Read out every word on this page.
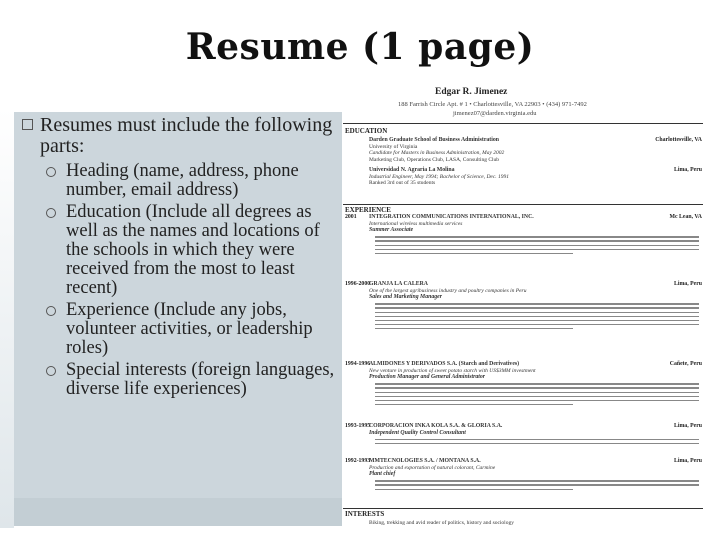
Resume (1 page)
Resumes must include the following parts:
Heading (name, address, phone number, email address)
Education (Include all degrees as well as the names and locations of the schools in which they were received from the most to least recent)
Experience (Include any jobs, volunteer activities, or leadership roles)
Special interests (foreign languages, diverse life experiences)
Edgar R. Jimenez
188 Farrish Circle Apt. # 1 • Charlottesville, VA 22903 • (434) 971-7492
jimenez07@darden.virginia.edu
EDUCATION
Darden Graduate School of Business Administration
University of Virginia
Candidate for Masters in Business Administration, May 2002
Marketing Club, Operations Club, LASA, Consulting Club
Charlottesville, VA
Universidad N. Agraria La Molina
Industrial Engineer, May 1994; Bachelor of Science, Dec. 1991
Ranked 3rd out of 35 students
Lima, Peru
EXPERIENCE
2001 INTEGRATION COMMUNICATIONS INTERNATIONAL, INC.
International wireless multimedia services
Summer Associate
Mc Lean, VA
1996-2000
GRANJA LA CALERA
One of the largest agribusiness industry and poultry companies in Peru
Sales and Marketing Manager
Lima, Peru
1994-1996
ALMIDONES Y DERIVADOS S.A. (Starch and Derivatives)
New venture in production of sweet potato starch with US$3MM investment
Production Manager and General Administrator
Cañete, Peru
1993-1995
CORPORACION INKA KOLA S.A. & GLORIA S.A.
Independent Quality Control Consultant
Lima, Peru
1992-1993
MMTECNOLOGIES S.A. / MONTANA S.A.
Production and exportation of natural colorant, Carmine
Plant chief
Lima, Peru
INTERESTS
Biking, trekking and avid reader of politics, history and sociology
